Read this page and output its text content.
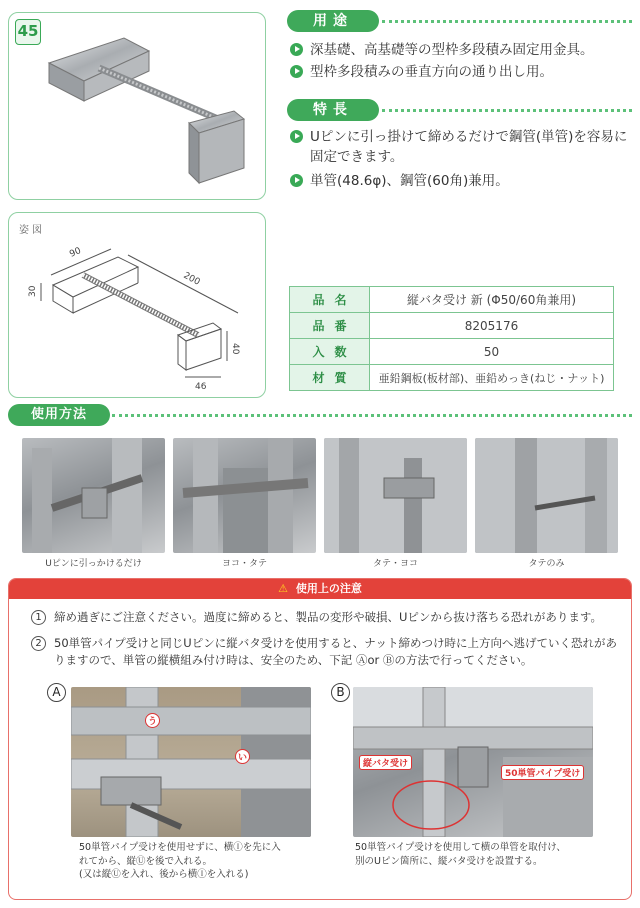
45
用途
深基礎、高基礎等の型枠多段積み固定用金具。
型枠多段積みの垂直方向の通り出し用。
特長
Uピンに引っ掛けて締めるだけで鋼管(単管)を容易に固定できます。
単管(48.6φ)、鋼管(60角)兼用。
姿図
90
30
200
40
46
品名	縦バタ受け 新 (Φ50/60角兼用)
品番	8205176
入数	50
材質	亜鉛鋼板(板材部)、亜鉛めっき(ねじ・ナット)
使用方法
Uピンに引っかけるだけ	ヨコ・タテ	タテ・ヨコ	タテのみ
⚠ 使用上の注意
1	締め過ぎにご注意ください。過度に締めると、製品の変形や破損、Uピンから抜け落ちる恐れがあります。
2	50単管パイプ受けと同じUピンに縦バタ受けを使用すると、ナット締めつけ時に上方向へ逃げていく恐れがありますので、単管の縦横組み付け時は、安全のため、下記 Ⓐor Ⓑの方法で行ってください。
A
う
い
50単管パイプ受けを使用せずに、横Ⓘを先に入
れてから、縦Ⓤを後で入れる。
(又は縦Ⓤを入れ、後から横Ⓘを入れる)
B
縦バタ受け
50単管パイプ受け
50単管パイプ受けを使用して横の単管を取付け、
別のUピン箇所に、縦バタ受けを設置する。
